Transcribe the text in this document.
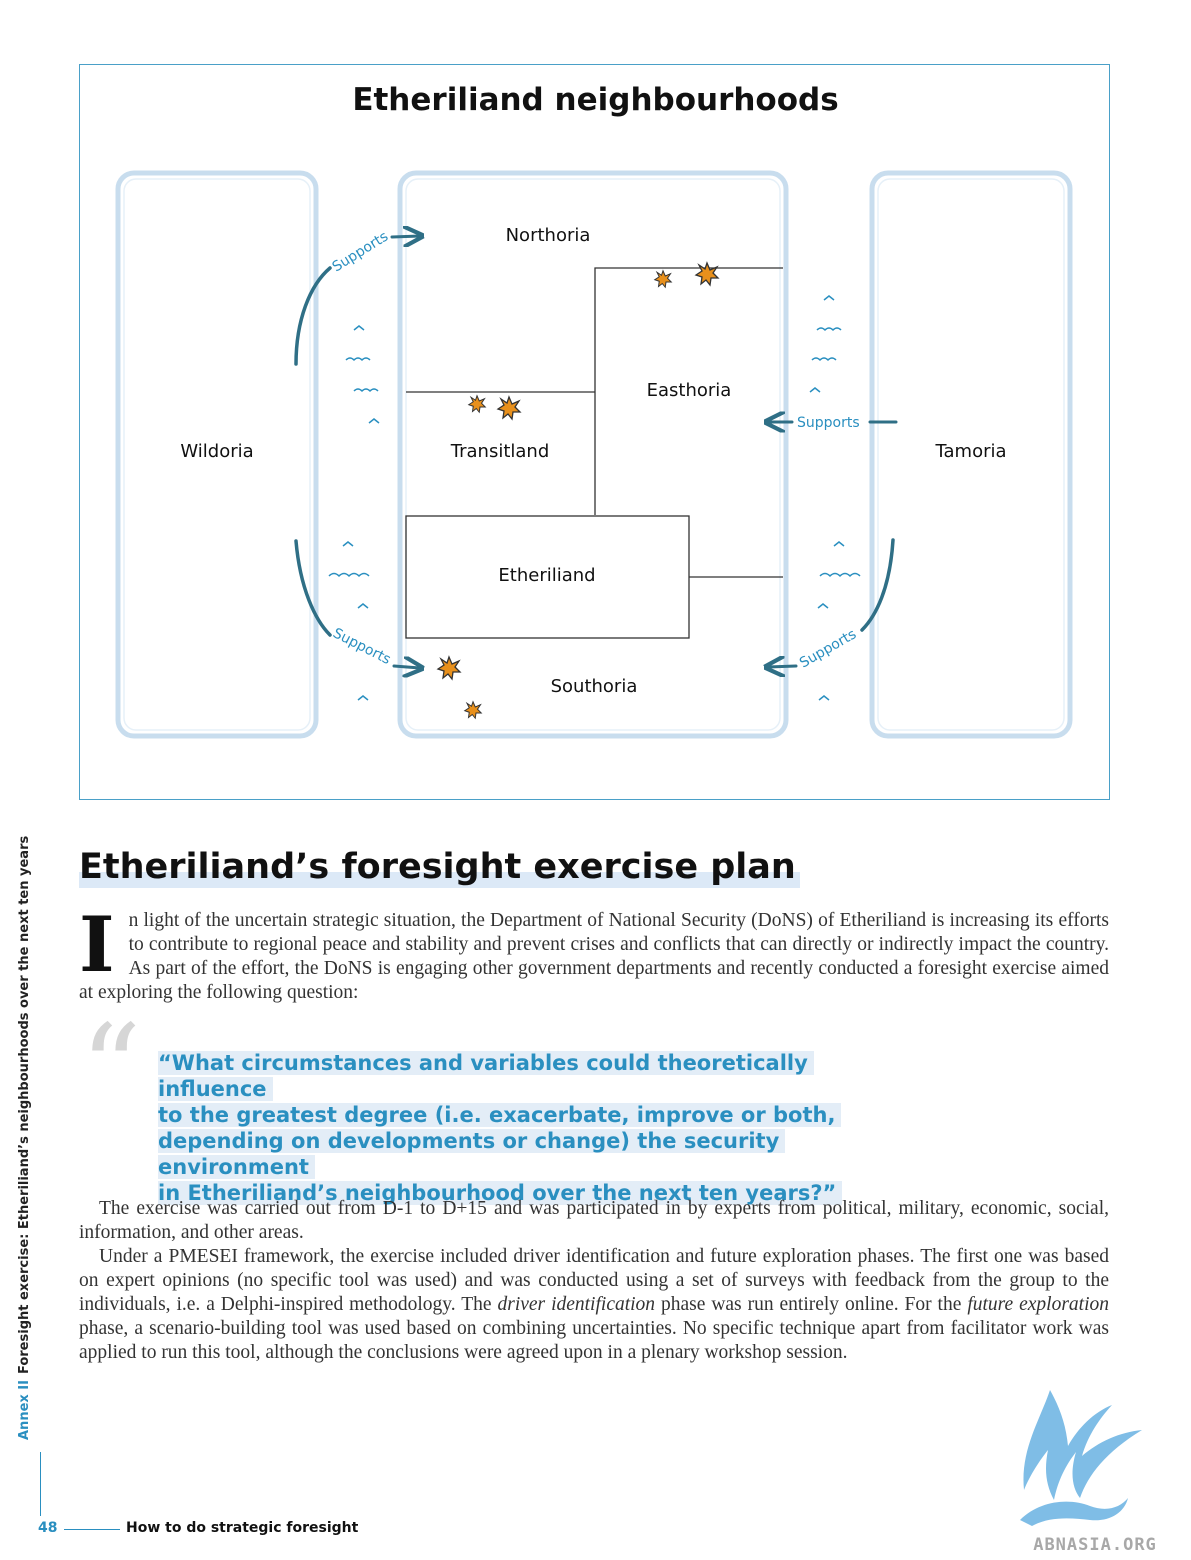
Etheriliand neighbourhoods
Wildoria
Northoria
Easthoria
Transitland
Etheriliand
Southoria
Tamoria
Supports
Supports
Supports
Supports
Annex IIForesight exercise: Etheriliand’s neighbourhoods over the next ten years Etheriliand’s foresight exercise plan
In light of the uncertain strategic situation, the Department of National Security (DoNS) of Etheriliand is increasing its efforts to contribute to regional peace and stability and prevent crises and conflicts that can directly or indirectly impact the country. As part of the effort, the DoNS is engaging other government departments and recently conducted a foresight exercise aimed at exploring the following question:
“ “What circumstances and variables could theoretically influence
to the greatest degree (i.e. exacerbate, improve or both,
depending on developments or change) the security environment
in Etheriliand’s neighbourhood over the next ten years?”

The exercise was carried out from D-1 to D+15 and was participated in by experts from political, military, economic, social, information, and other areas.

Under a PMESEI framework, the exercise included driver identification and future exploration phases. The first one was based on expert opinions (no specific tool was used) and was conducted using a set of surveys with feedback from the group to the individuals, i.e. a Delphi-inspired methodology. The driver identification phase was run entirely online. For the future exploration phase, a scenario-building tool was used based on combining uncertainties. No specific technique apart from facilitator work was applied to run this tool, although the conclusions were agreed upon in a plenary workshop session.

48	How to do strategic foresight
ABNASIA.ORG
